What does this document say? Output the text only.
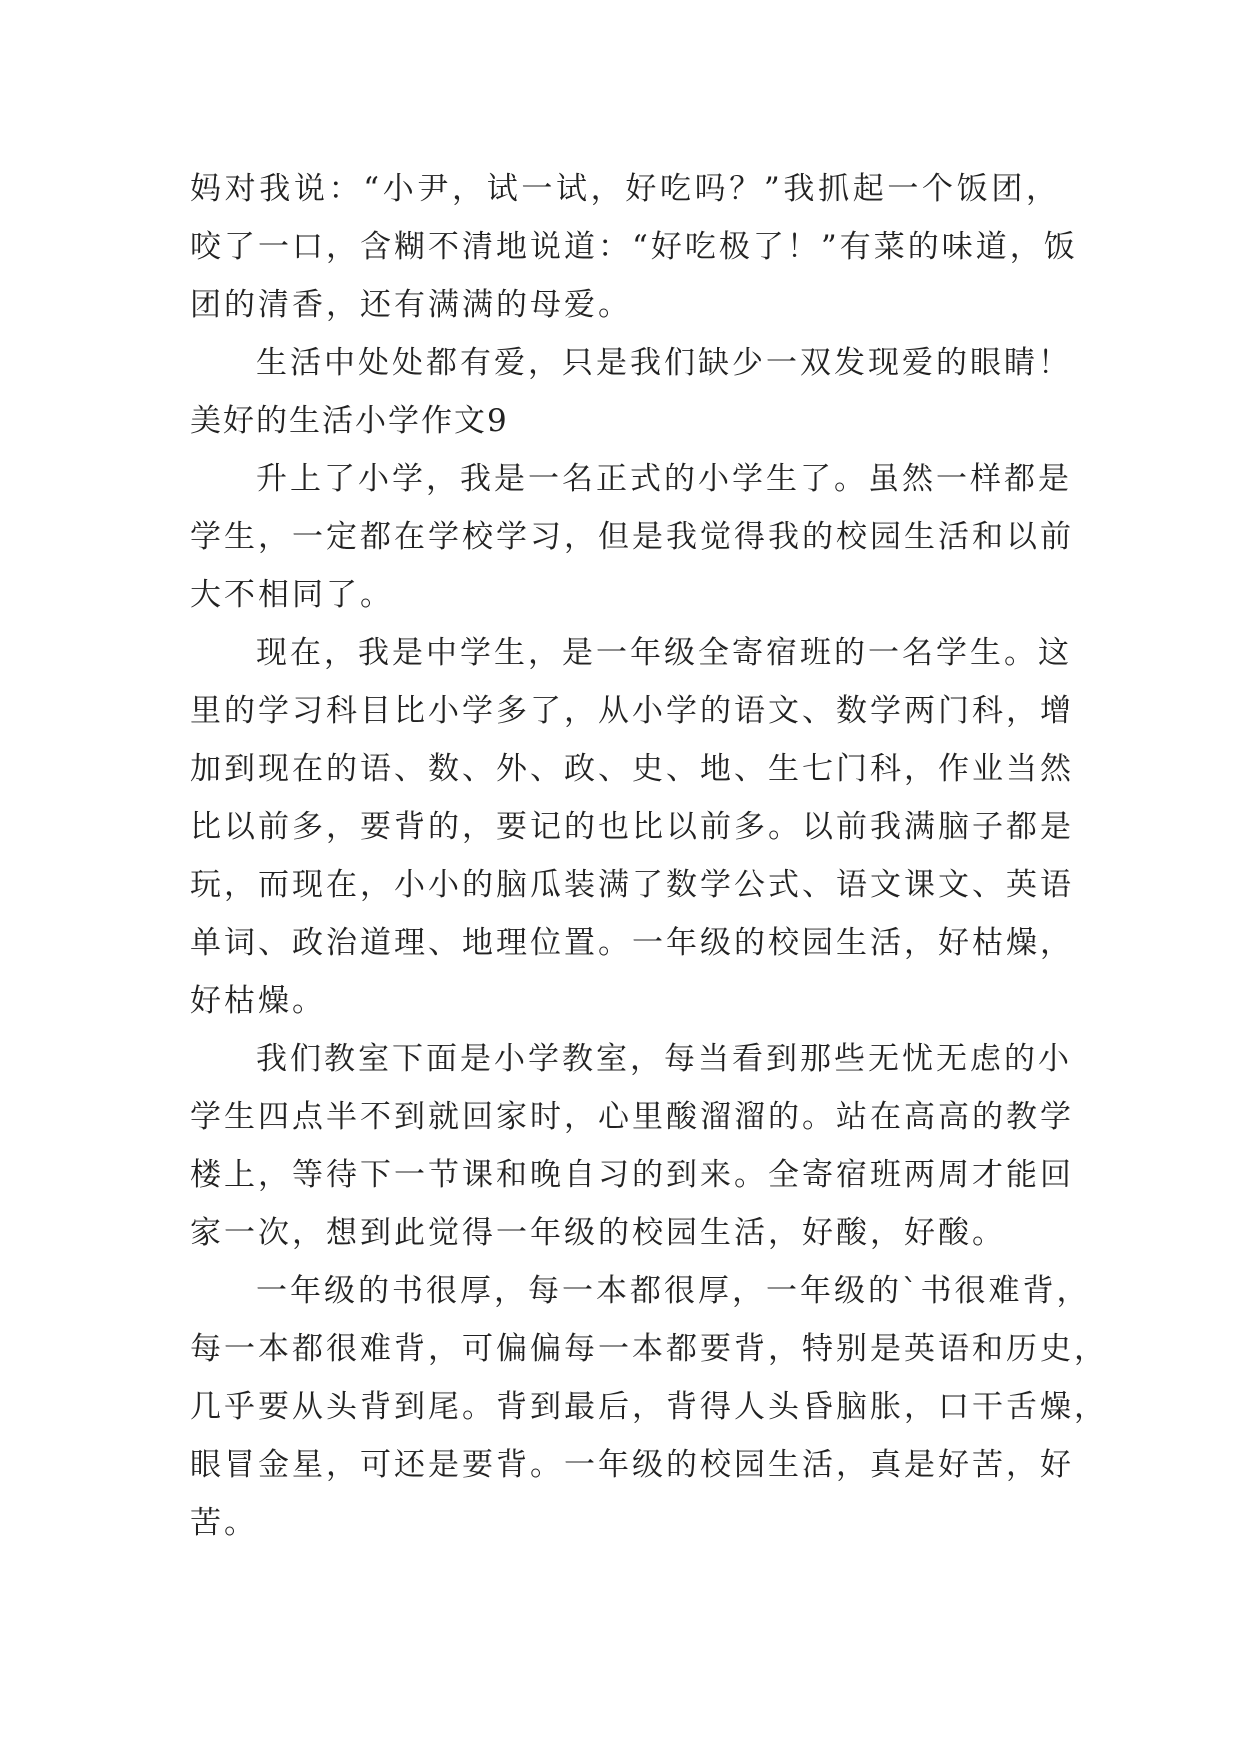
妈对我说：“小尹，试一试，好吃吗？”我抓起一个饭团，
咬了一口，含糊不清地说道：“好吃极了！”有菜的味道，饭
团的清香，还有满满的母爱。
生活中处处都有爱，只是我们缺少一双发现爱的眼睛！
美好的生活小学作文9
升上了小学，我是一名正式的小学生了。虽然一样都是
学生，一定都在学校学习，但是我觉得我的校园生活和以前
大不相同了。
现在，我是中学生，是一年级全寄宿班的一名学生。这
里的学习科目比小学多了，从小学的语文、数学两门科，增
加到现在的语、数、外、政、史、地、生七门科，作业当然
比以前多，要背的，要记的也比以前多。以前我满脑子都是
玩，而现在，小小的脑瓜装满了数学公式、语文课文、英语
单词、政治道理、地理位置。一年级的校园生活，好枯燥，
好枯燥。
我们教室下面是小学教室，每当看到那些无忧无虑的小
学生四点半不到就回家时，心里酸溜溜的。站在高高的教学
楼上，等待下一节课和晚自习的到来。全寄宿班两周才能回
家一次，想到此觉得一年级的校园生活，好酸，好酸。
一年级的书很厚，每一本都很厚，一年级的`书很难背，
每一本都很难背，可偏偏每一本都要背，特别是英语和历史，
几乎要从头背到尾。背到最后，背得人头昏脑胀，口干舌燥，
眼冒金星，可还是要背。一年级的校园生活，真是好苦，好
苦。
